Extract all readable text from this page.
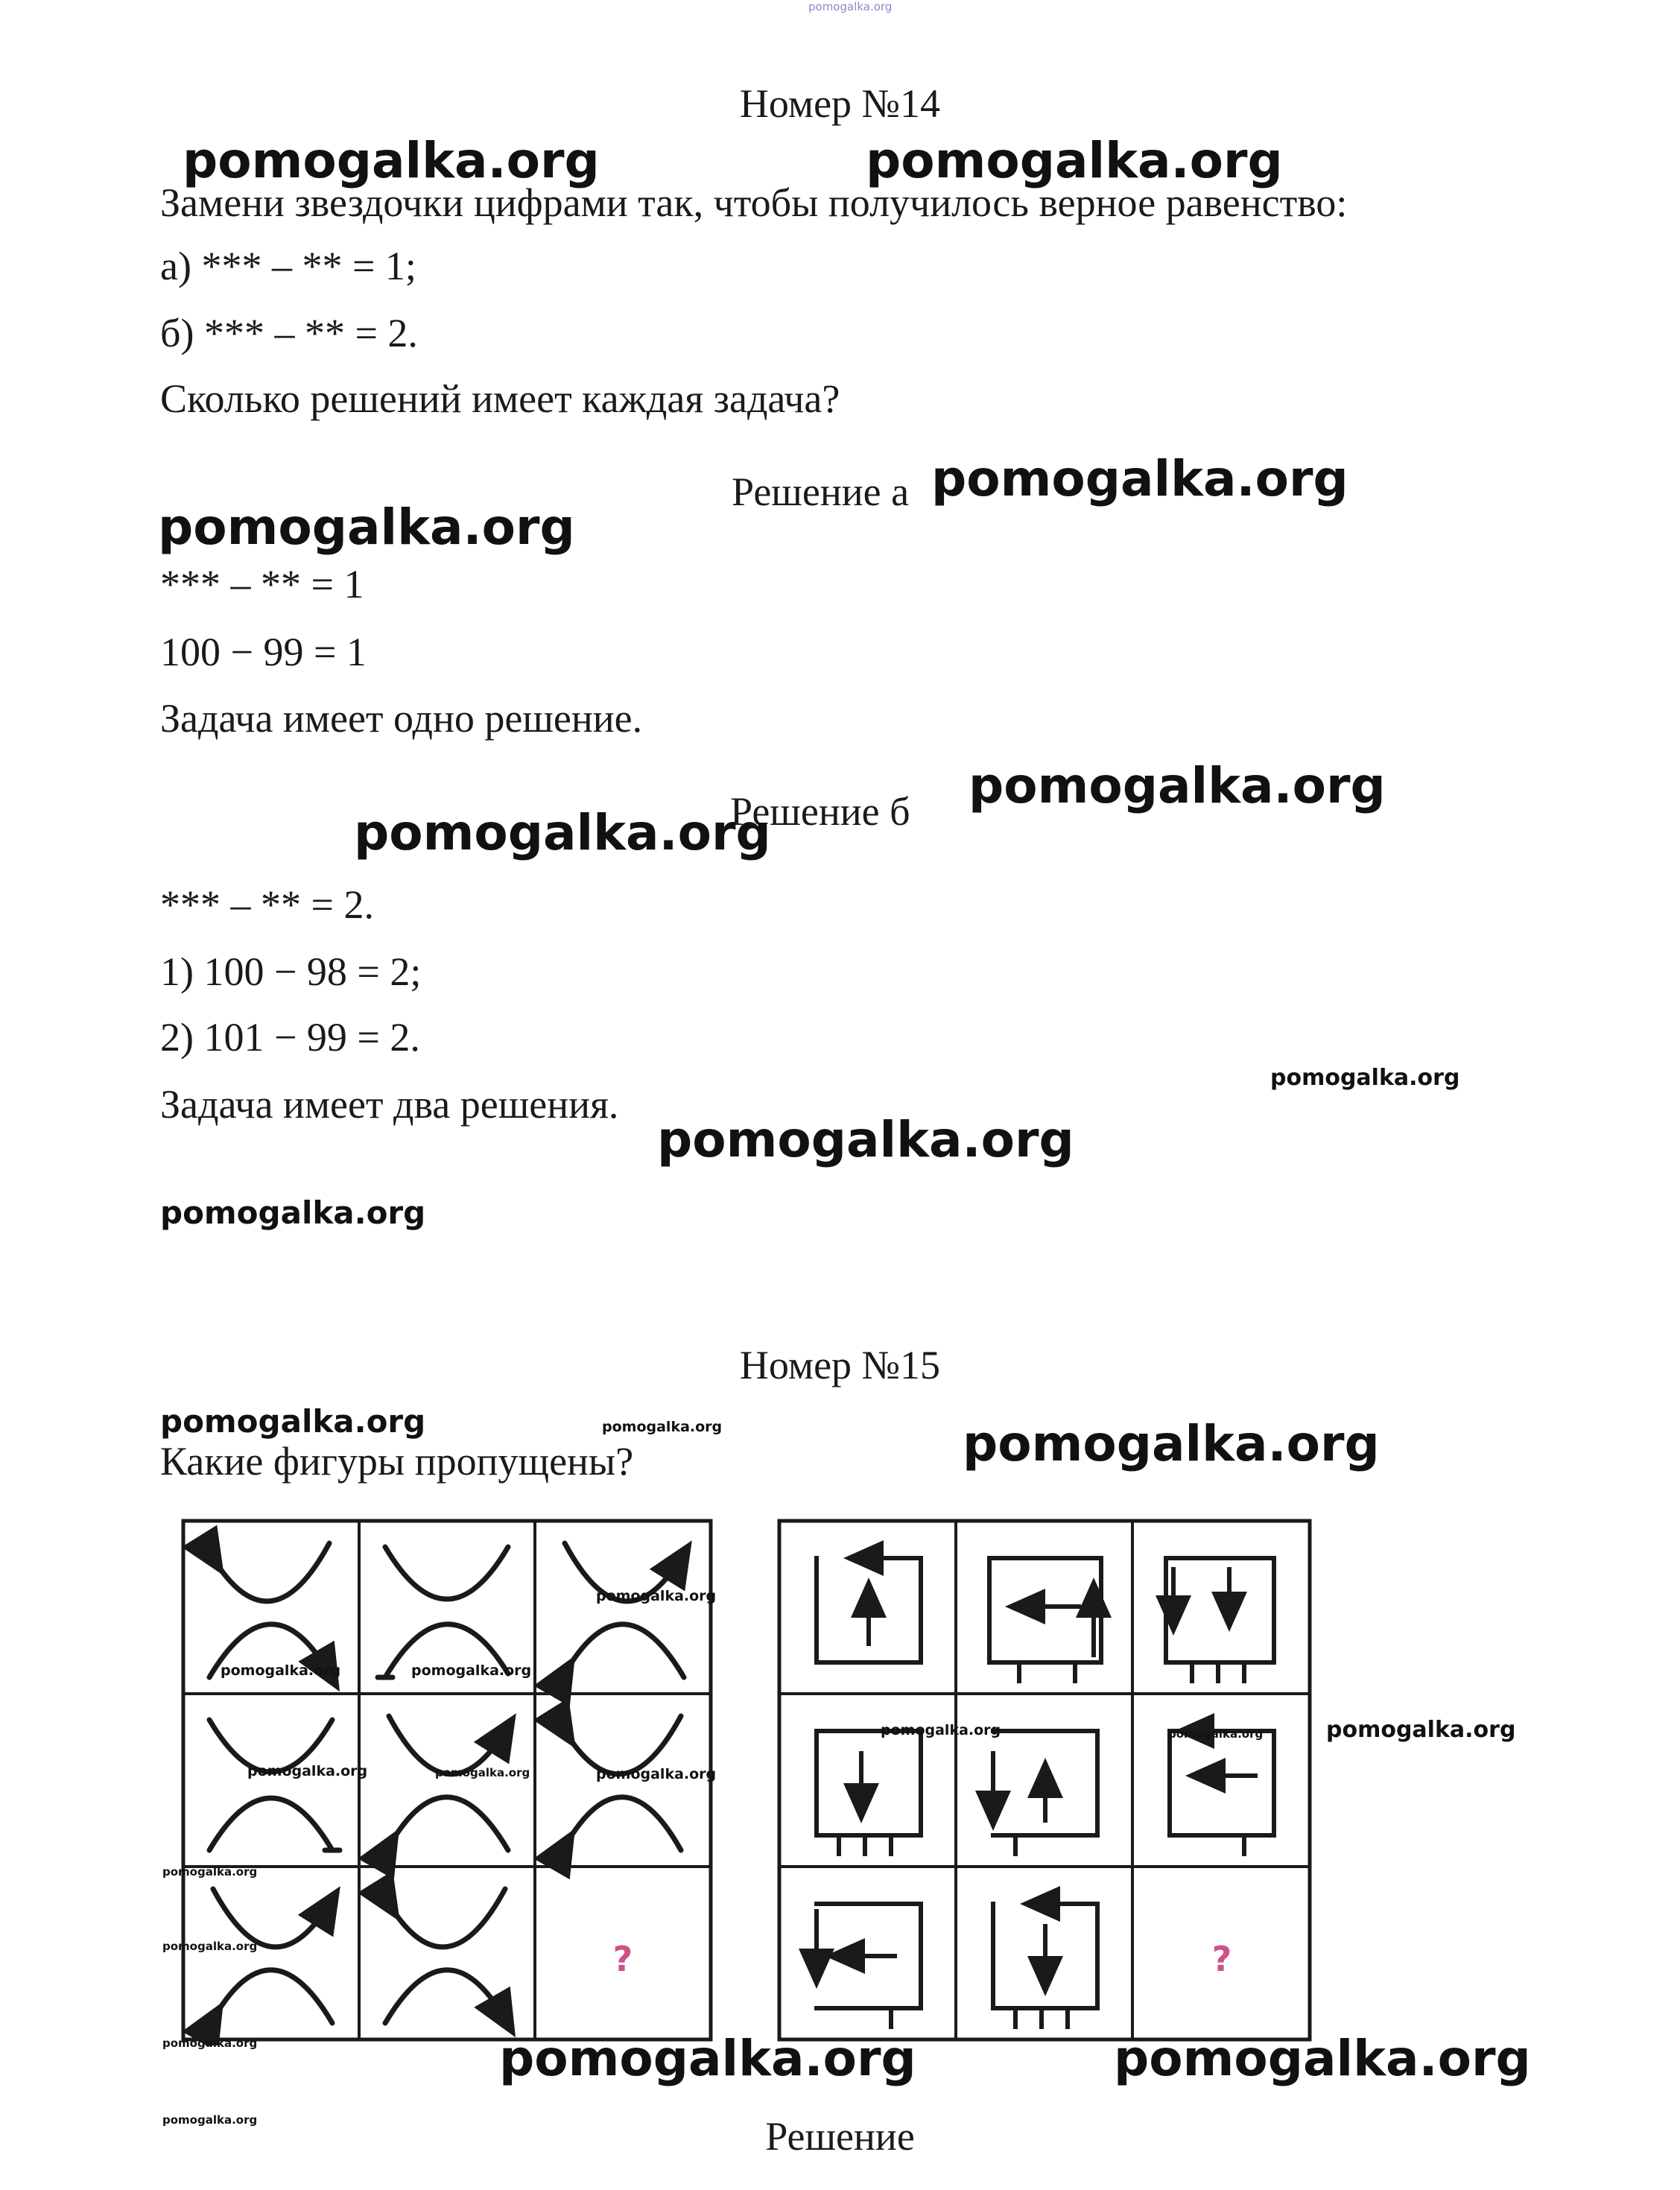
pomogalka.org
Номер №14
pomogalka.org	pomogalka.org
Замени звездочки цифрами так, чтобы получилось верное равенство:
а) *** – ** = 1;
б) *** – ** = 2.
Сколько решений имеет каждая задача?
Решение а pomogalka.org
pomogalka.org
*** – ** = 1
100 − 99 = 1
Задача имеет одно решение.
Решение б pomogalka.org
pomogalka.org
*** – ** = 2.
1) 100 − 98 = 2;
2) 101 − 99 = 2.
pomogalka.org
Задача имеет два решения.
pomogalka.org
pomogalka.org
Номер №15
pomogalka.org	pomogalka.org
Какие фигуры пропущены?	pomogalka.org
?	?
pomogalka.org
pomogalka.org	pomogalka.org
pomogalka.org	pomogalka.org	pomogalka.org
pomogalka.org	pomogalka.org	pomogalka.org
pomogalka.org
pomogalka.org
pomogalka.org	pomogalka.org	pomogalka.org
pomogalka.org	Решение
